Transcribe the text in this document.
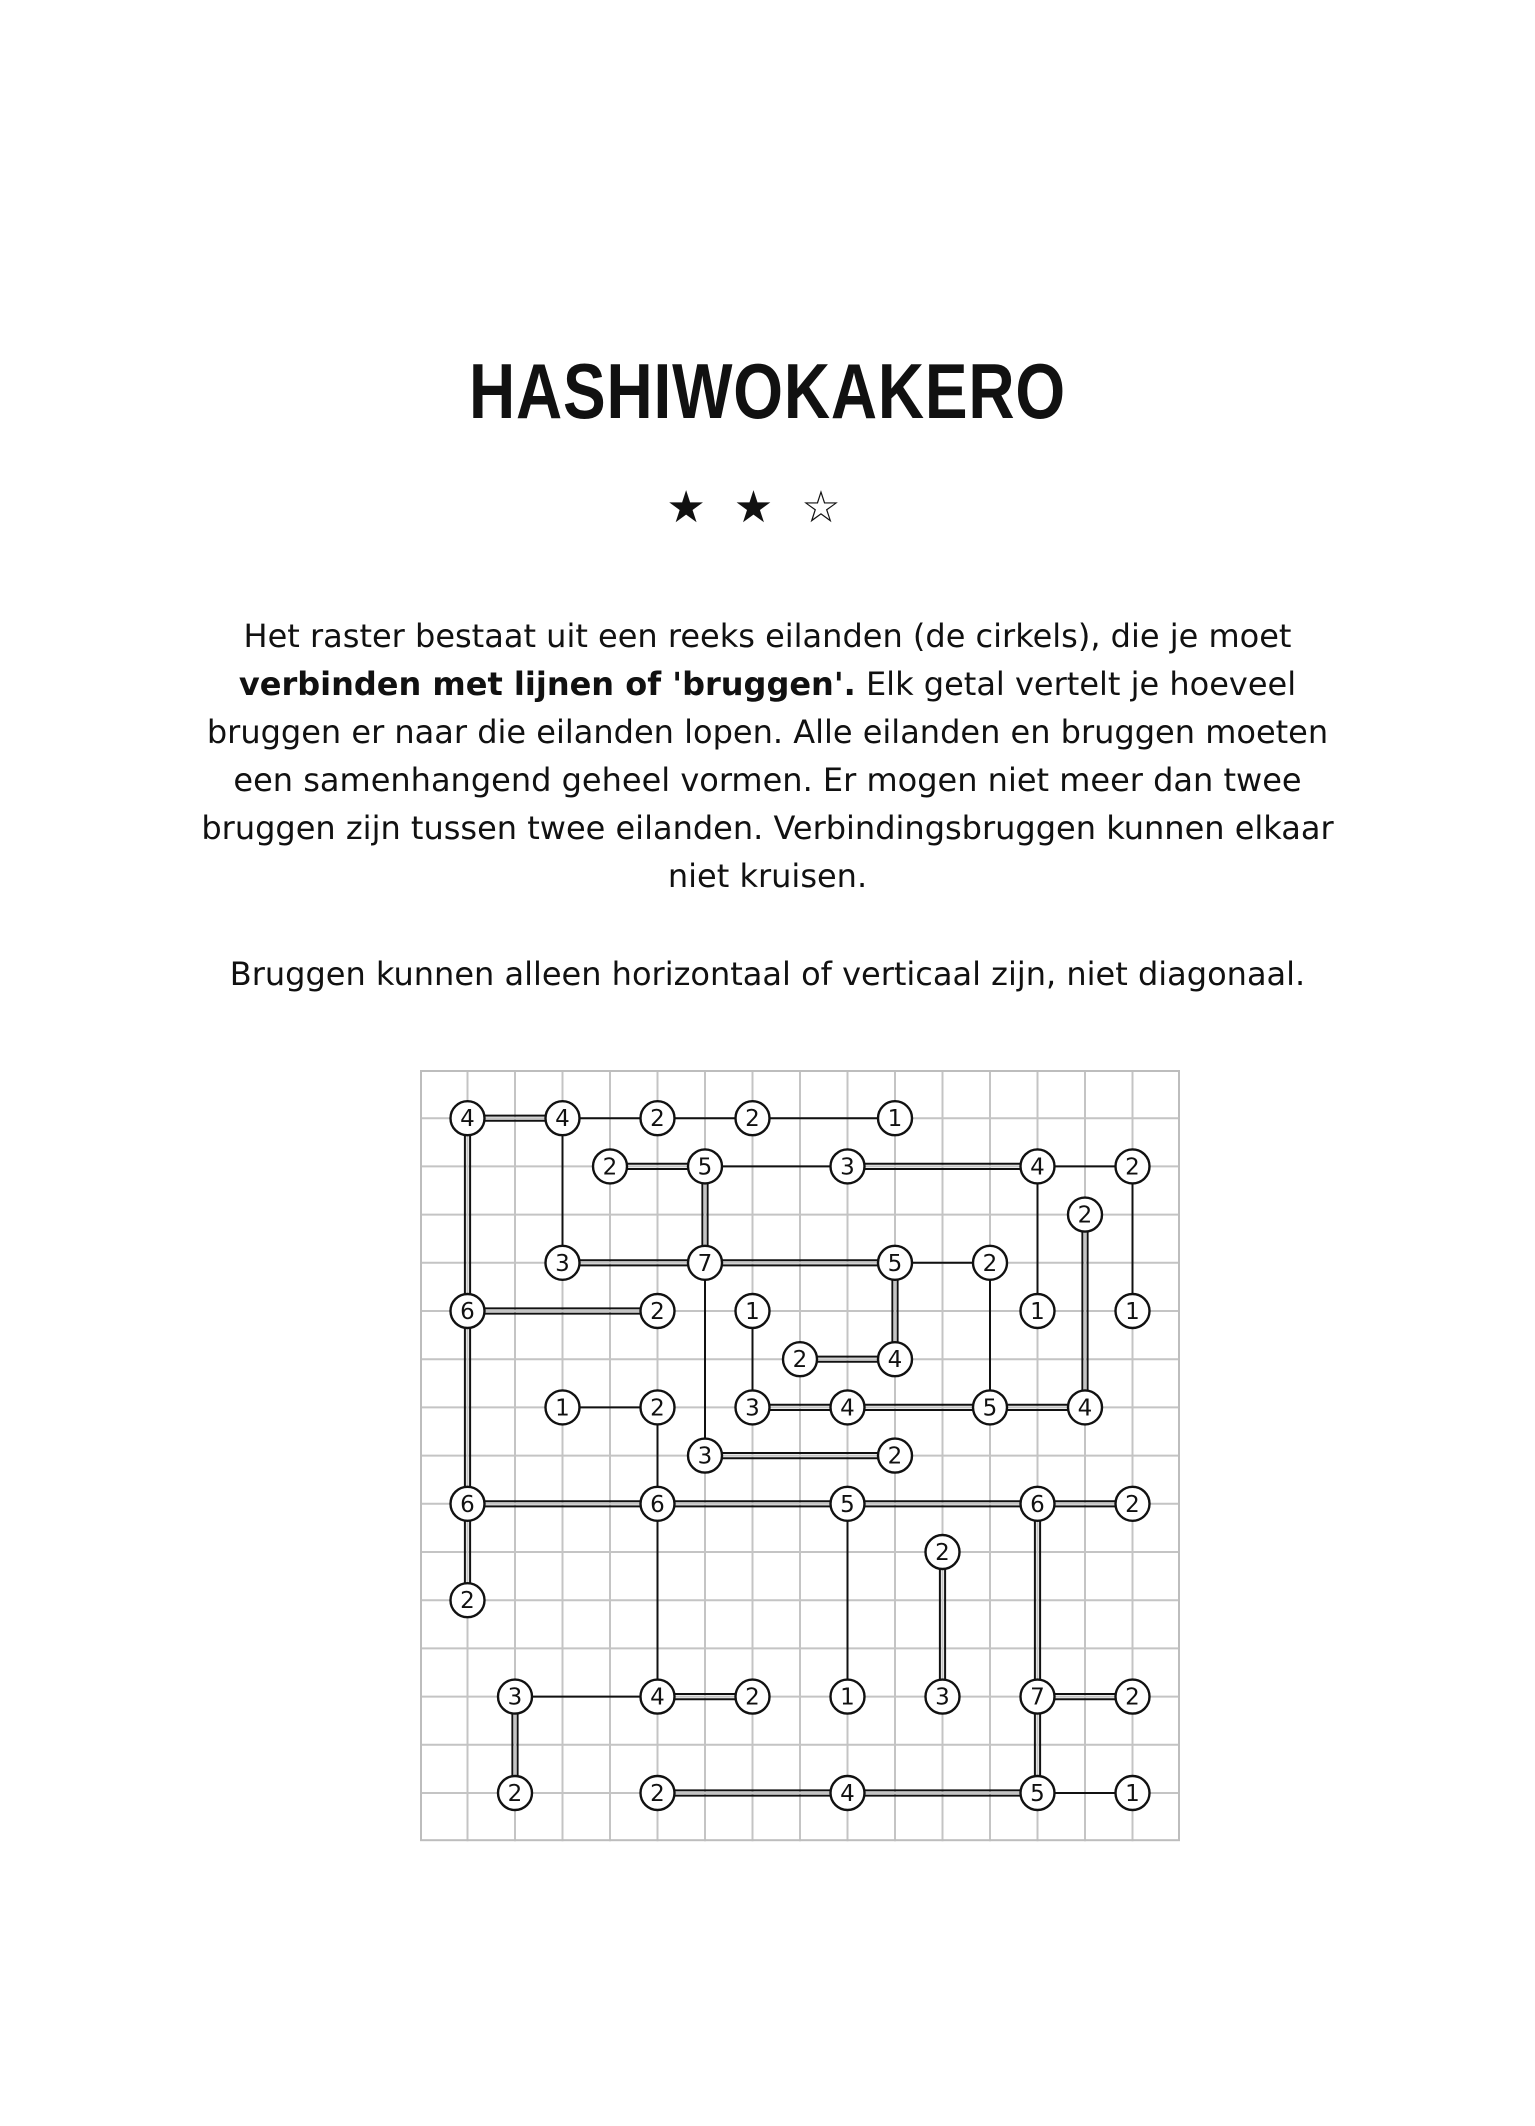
HASHIWOKAKERO
★★☆

Het raster bestaat uit een reeks eilanden (de cirkels), die je moet verbinden met lijnen of 'bruggen'. Elk getal vertelt je hoeveel bruggen er naar die eilanden lopen. Alle eilanden en bruggen moeten een samenhangend geheel vormen. Er mogen niet meer dan twee bruggen zijn tussen twee eilanden. Verbindingsbruggen kunnen elkaar niet kruisen.

Bruggen kunnen alleen horizontaal of verticaal zijn, niet diagonaal.

4	4	2	2	1
2	5	3	4	2
2
3	7	5	2
6	2	1	1	1
2	4
1	2	3	4	5	4
3	2
6	6	5	6	2
2
2
3	4	2	1	3	7	2
2	2	4	5	1
